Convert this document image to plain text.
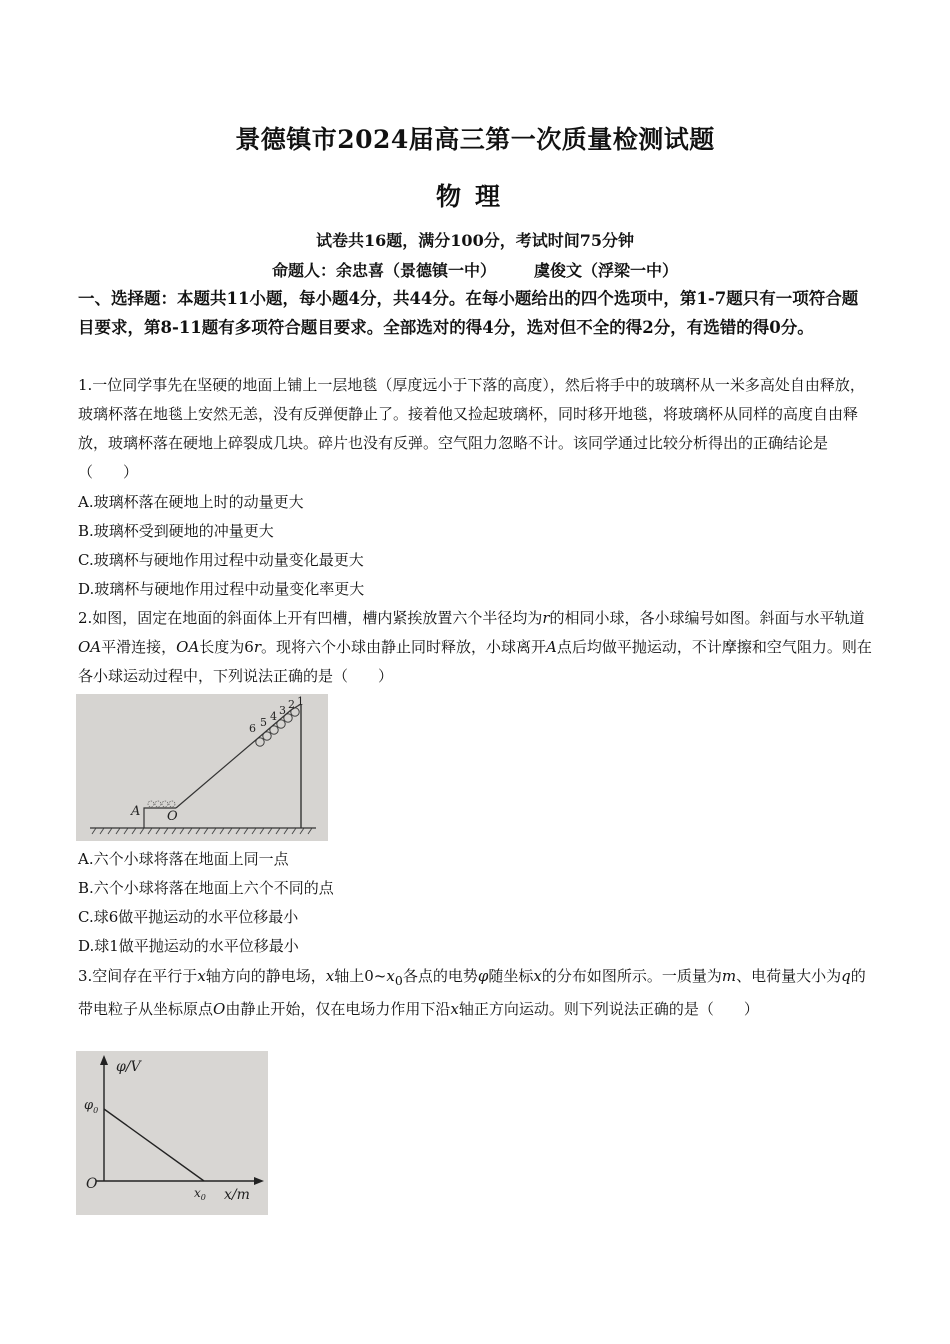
景德镇市2024届高三第一次质量检测试题
物理
试卷共16题，满分100分，考试时间75分钟
命题人：余忠喜（景德镇一中） 虞俊文（浮梁一中）
一、选择题：本题共11小题，每小题4分，共44分。在每小题给出的四个选项中，第1-7题只有一项符合题目要求，第8-11题有多项符合题目要求。全部选对的得4分，选对但不全的得2分，有选错的得0分。
1.一位同学事先在坚硬的地面上铺上一层地毯（厚度远小于下落的高度），然后将手中的玻璃杯从一米多高处自由释放，玻璃杯落在地毯上安然无恙，没有反弹便静止了。接着他又捡起玻璃杯，同时移开地毯，将玻璃杯从同样的高度自由释放，玻璃杯落在硬地上碎裂成几块。碎片也没有反弹。空气阻力忽略不计。该同学通过比较分析得出的正确结论是（　　）
A.玻璃杯落在硬地上时的动量更大
B.玻璃杯受到硬地的冲量更大
C.玻璃杯与硬地作用过程中动量变化最更大
D.玻璃杯与硬地作用过程中动量变化率更大
2.如图，固定在地面的斜面体上开有凹槽，槽内紧挨放置六个半径均为r的相同小球，各小球编号如图。斜面与水平轨道OA平滑连接，OA长度为6r。现将六个小球由静止同时释放，小球离开A点后均做平抛运动，不计摩擦和空气阻力。则在各小球运动过程中，下列说法正确的是（　　）
A O
1
2
3
4
5
6
A.六个小球将落在地面上同一点
B.六个小球将落在地面上六个不同的点
C.球6做平抛运动的水平位移最小
D.球1做平抛运动的水平位移最小
3.空间存在平行于x轴方向的静电场，x轴上$0\sim x_0$各点的电势φ随坐标x的分布如图所示。一质量为m、电荷量大小为q的带电粒子从坐标原点O由静止开始，仅在电场力作用下沿x轴正方向运动。则下列说法正确的是（　　）
φ/V
$\varphi_0$
O
$x_0$ x/m
